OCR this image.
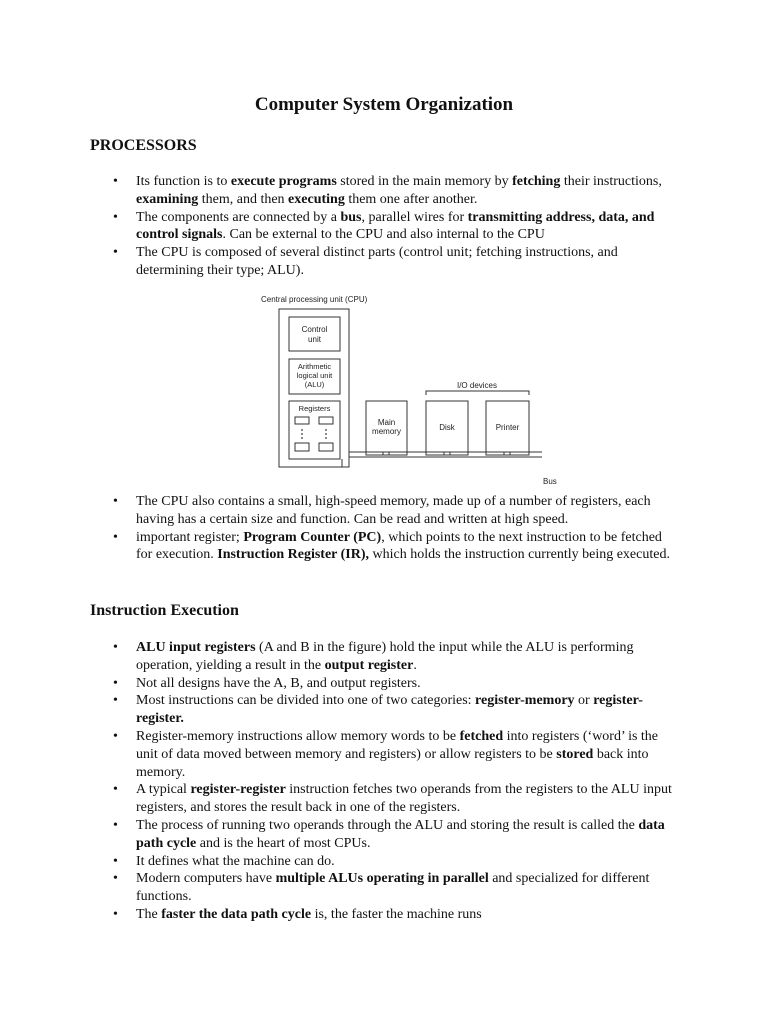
Computer System Organization
PROCESSORS
• Its function is to execute programs stored in the main memory by fetching their instructions, examining them, and then executing them one after another.
• The components are connected by a bus, parallel wires for transmitting address, data, and control signals. Can be external to the CPU and also internal to the CPU
• The CPU is composed of several distinct parts (control unit; fetching instructions, and determining their type; ALU).
Central processing unit (CPU)
Control
unit
Arithmetic
logical unit
(ALU)
Registers
Main
memory
I/O devices
Disk	Printer
Bus
• The CPU also contains a small, high-speed memory, made up of a number of registers, each having has a certain size and function. Can be read and written at high speed.
• important register; Program Counter (PC), which points to the next instruction to be fetched for execution. Instruction Register (IR), which holds the instruction currently being executed.
Instruction Execution
• ALU input registers (A and B in the figure) hold the input while the ALU is performing operation, yielding a result in the output register.
• Not all designs have the A, B, and output registers.
• Most instructions can be divided into one of two categories: register-memory or register-register.
• Register-memory instructions allow memory words to be fetched into registers (‘word’ is the unit of data moved between memory and registers) or allow registers to be stored back into memory.
• A typical register-register instruction fetches two operands from the registers to the ALU input registers, and stores the result back in one of the registers.
• The process of running two operands through the ALU and storing the result is called the data path cycle and is the heart of most CPUs.
• It defines what the machine can do.
• Modern computers have multiple ALUs operating in parallel and specialized for different functions.
• The faster the data path cycle is, the faster the machine runs
